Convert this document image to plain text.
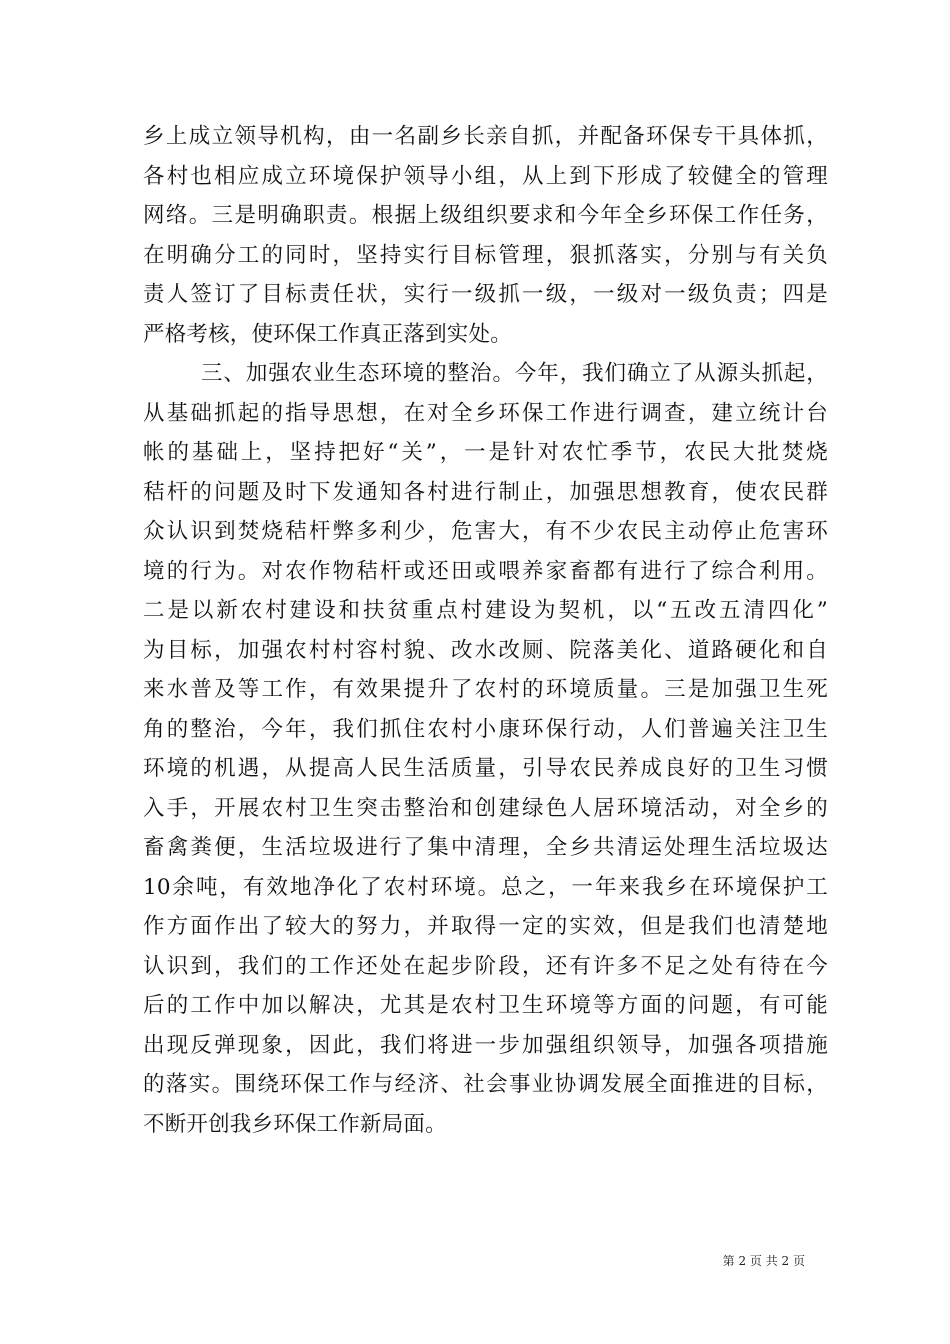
乡上成立领导机构，由一名副乡长亲自抓，并配备环保专干具体抓，
各村也相应成立环境保护领导小组，从上到下形成了较健全的管理
网络。三是明确职责。根据上级组织要求和今年全乡环保工作任务，
在明确分工的同时，坚持实行目标管理，狠抓落实，分别与有关负
责人签订了目标责任状，实行一级抓一级，一级对一级负责；四是
严格考核，使环保工作真正落到实处。
三、加强农业生态环境的整治。今年，我们确立了从源头抓起，
从基础抓起的指导思想，在对全乡环保工作进行调查，建立统计台
帐的基础上，坚持把好“关”，一是针对农忙季节，农民大批焚烧
秸杆的问题及时下发通知各村进行制止，加强思想教育，使农民群
众认识到焚烧秸杆弊多利少，危害大，有不少农民主动停止危害环
境的行为。对农作物秸杆或还田或喂养家畜都有进行了综合利用。
二是以新农村建设和扶贫重点村建设为契机，以“五改五清四化”
为目标，加强农村村容村貌、改水改厕、院落美化、道路硬化和自
来水普及等工作，有效果提升了农村的环境质量。三是加强卫生死
角的整治，今年，我们抓住农村小康环保行动，人们普遍关注卫生
环境的机遇，从提高人民生活质量，引导农民养成良好的卫生习惯
入手，开展农村卫生突击整治和创建绿色人居环境活动，对全乡的
畜禽粪便，生活垃圾进行了集中清理，全乡共清运处理生活垃圾达
10余吨，有效地净化了农村环境。总之，一年来我乡在环境保护工
作方面作出了较大的努力，并取得一定的实效，但是我们也清楚地
认识到，我们的工作还处在起步阶段，还有许多不足之处有待在今
后的工作中加以解决，尤其是农村卫生环境等方面的问题，有可能
出现反弹现象，因此，我们将进一步加强组织领导，加强各项措施
的落实。围绕环保工作与经济、社会事业协调发展全面推进的目标，
不断开创我乡环保工作新局面。
第 2 页 共 2 页
